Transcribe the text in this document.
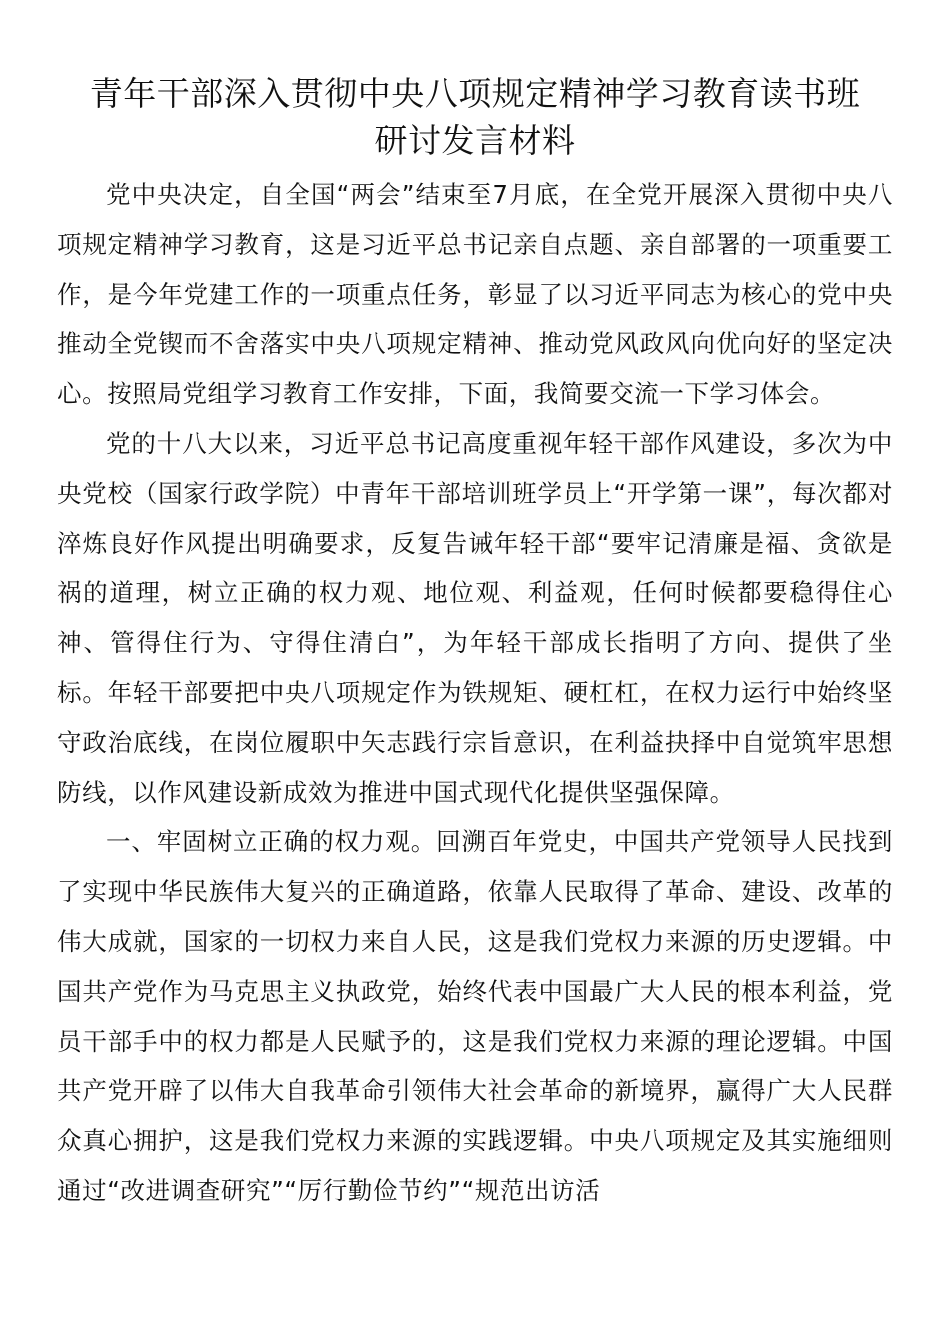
青年干部深入贯彻中央八项规定精神学习教育读书班
研讨发言材料

党中央决定，自全国“两会”结束至7月底，在全党开展深入贯彻中央八项规定精神学习教育，这是习近平总书记亲自点题、亲自部署的一项重要工作，是今年党建工作的一项重点任务，彰显了以习近平同志为核心的党中央推动全党锲而不舍落实中央八项规定精神、推动党风政风向优向好的坚定决心。按照局党组学习教育工作安排，下面，我简要交流一下学习体会。

党的十八大以来，习近平总书记高度重视年轻干部作风建设，多次为中央党校（国家行政学院）中青年干部培训班学员上“开学第一课”，每次都对淬炼良好作风提出明确要求，反复告诫年轻干部“要牢记清廉是福、贪欲是祸的道理，树立正确的权力观、地位观、利益观，任何时候都要稳得住心神、管得住行为、守得住清白”，为年轻干部成长指明了方向、提供了坐标。年轻干部要把中央八项规定作为铁规矩、硬杠杠，在权力运行中始终坚守政治底线，在岗位履职中矢志践行宗旨意识，在利益抉择中自觉筑牢思想防线，以作风建设新成效为推进中国式现代化提供坚强保障。

一、牢固树立正确的权力观。回溯百年党史，中国共产党领导人民找到了实现中华民族伟大复兴的正确道路，依靠人民取得了革命、建设、改革的伟大成就，国家的一切权力来自人民，这是我们党权力来源的历史逻辑。中国共产党作为马克思主义执政党，始终代表中国最广大人民的根本利益，党员干部手中的权力都是人民赋予的，这是我们党权力来源的理论逻辑。中国共产党开辟了以伟大自我革命引领伟大社会革命的新境界，赢得广大人民群众真心拥护，这是我们党权力来源的实践逻辑。中央八项规定及其实施细则通过“改进调查研究”“厉行勤俭节约”“规范出访活
